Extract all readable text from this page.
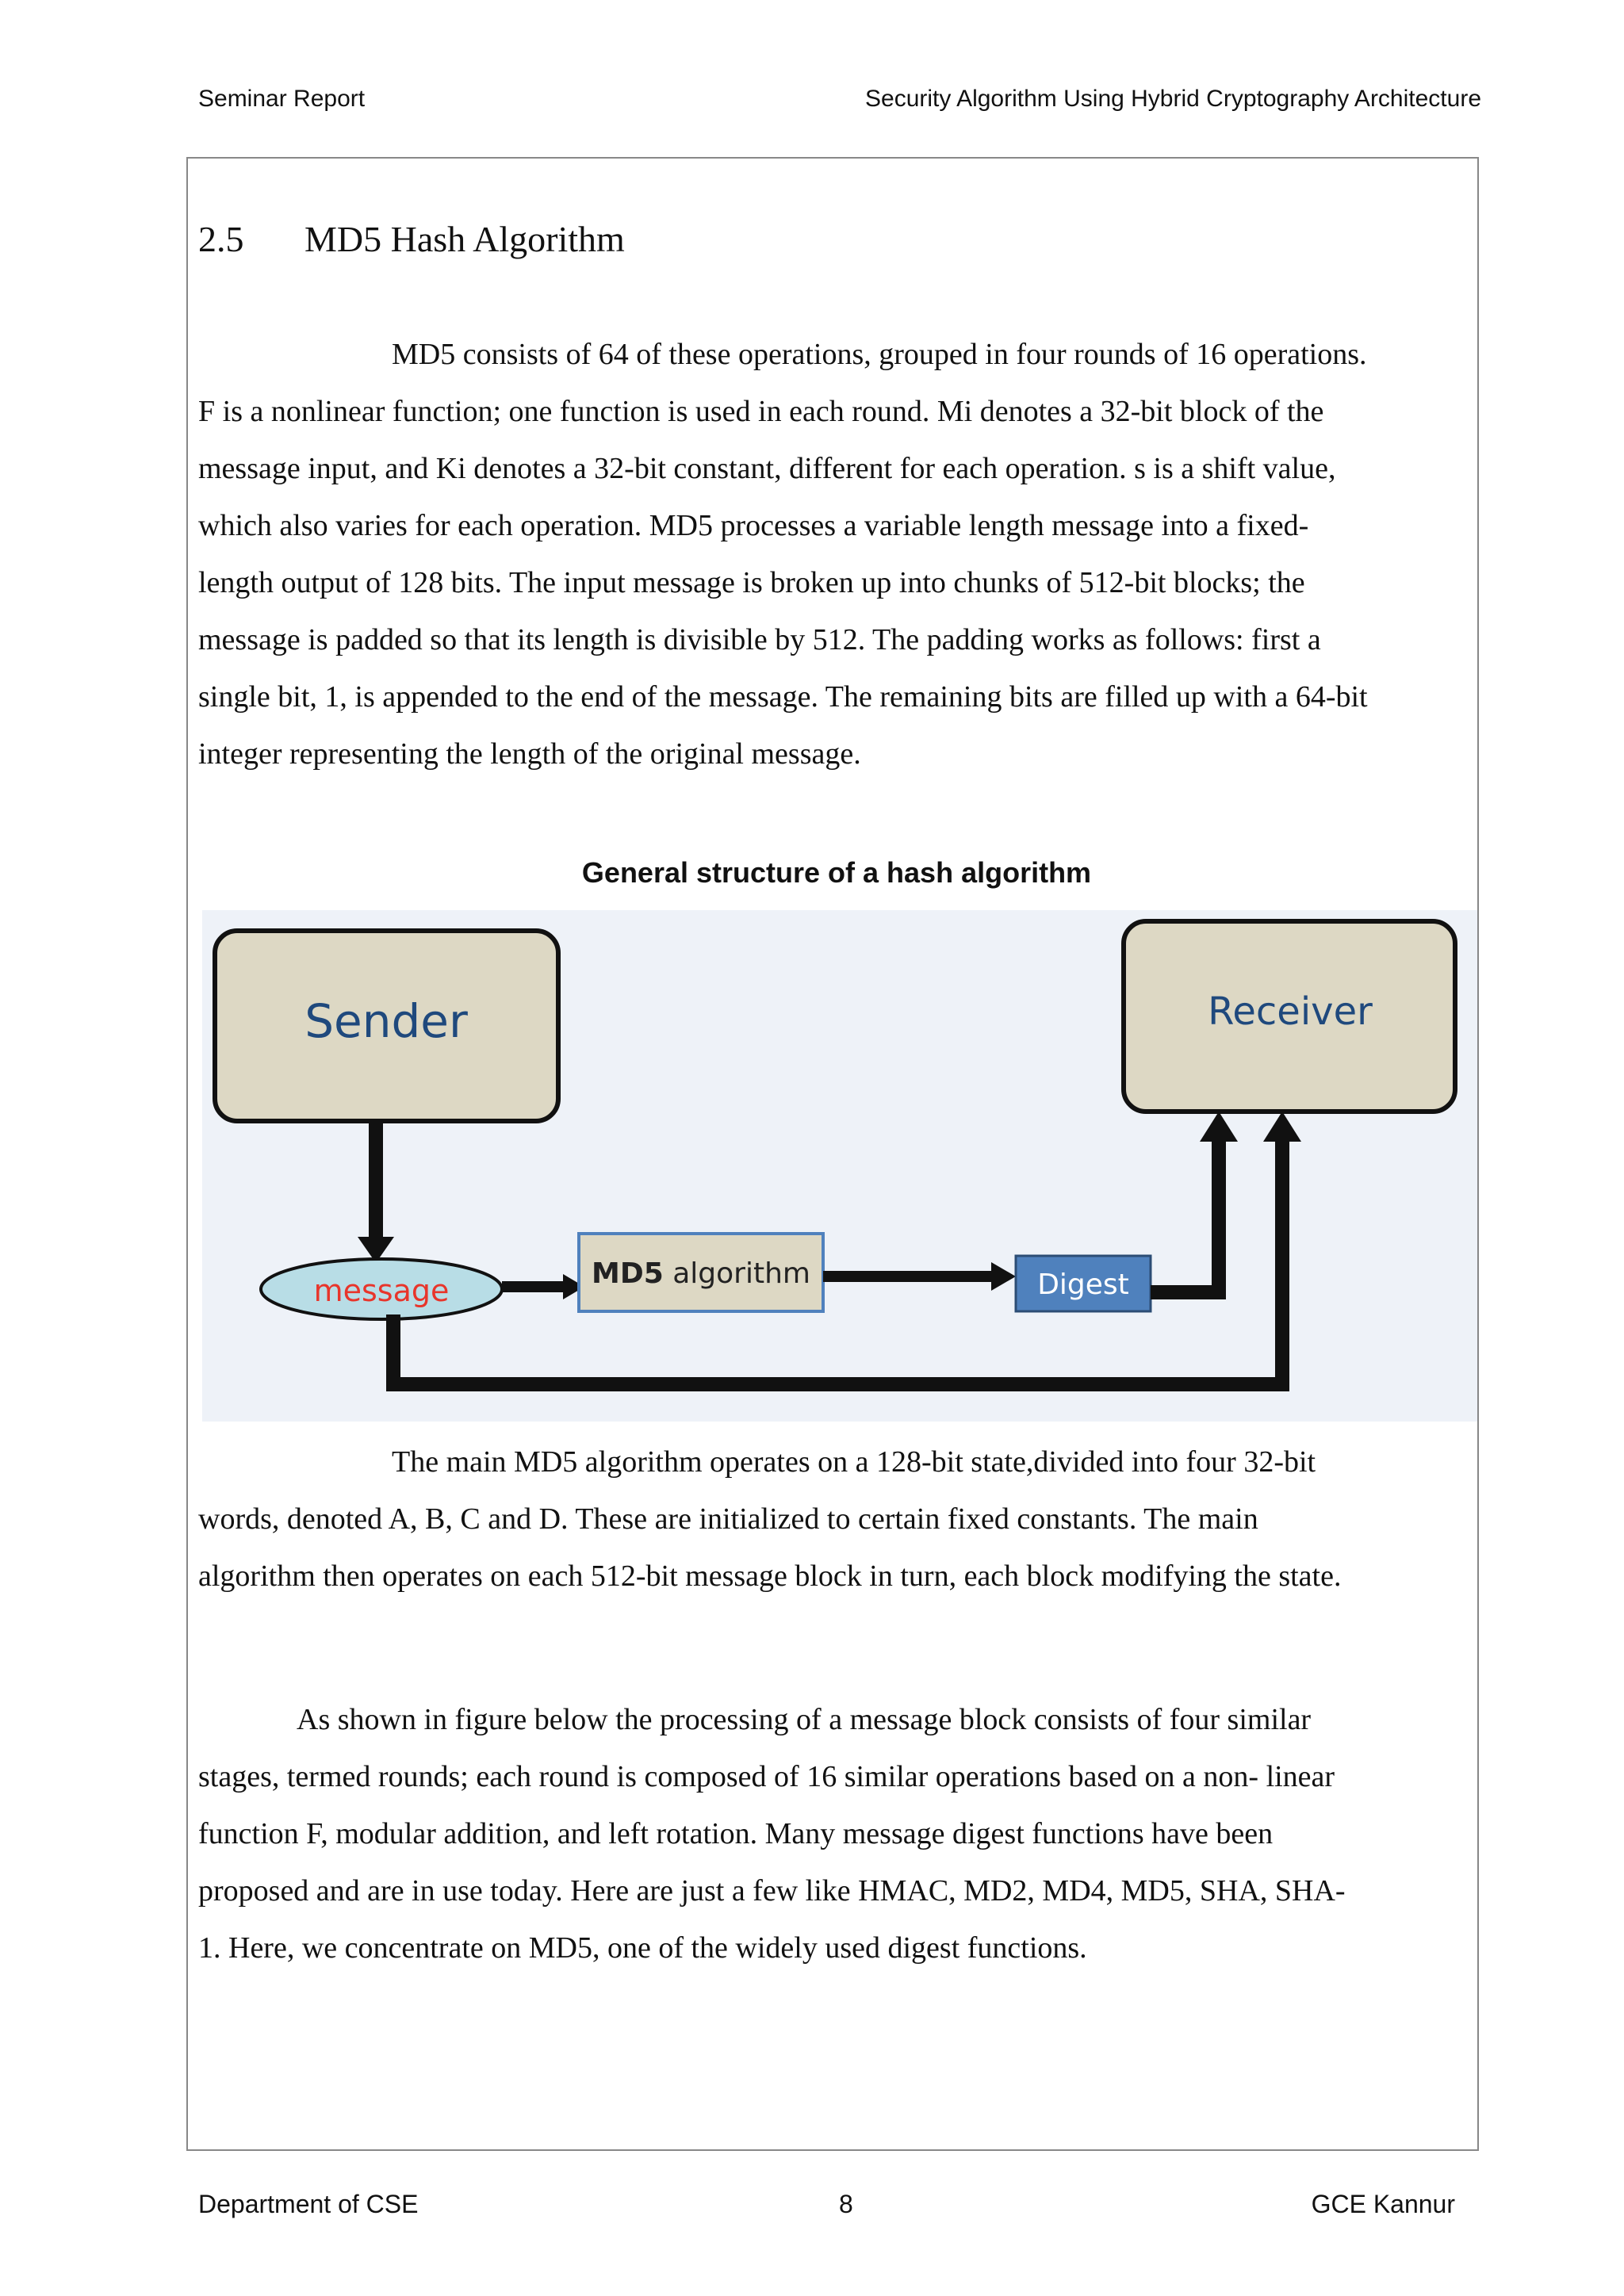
Seminar Report	Security Algorithm Using Hybrid Cryptography Architecture
2.5 MD5 Hash Algorithm

MD5 consists of 64 of these operations, grouped in four rounds of 16 operations.
F is a nonlinear function; one function is used in each round. Mi denotes a 32-bit block of the
message input, and Ki denotes a 32-bit constant, different for each operation. s is a shift value,
which also varies for each operation. MD5 processes a variable length message into a fixed-
length output of 128 bits. The input message is broken up into chunks of 512-bit blocks; the
message is padded so that its length is divisible by 512. The padding works as follows: first a
single bit, 1, is appended to the end of the message. The remaining bits are filled up with a 64-bit
integer representing the length of the original message.

General structure of a hash algorithm
Sender	Receiver
message	MD5 algorithm	Digest

The main MD5 algorithm operates on a 128-bit state,divided into four 32-bit
words, denoted A, B, C and D. These are initialized to certain fixed constants. The main
algorithm then operates on each 512-bit message block in turn, each block modifying the state.

As shown in figure below the processing of a message block consists of four similar
stages, termed rounds; each round is composed of 16 similar operations based on a non- linear
function F, modular addition, and left rotation. Many message digest functions have been
proposed and are in use today. Here are just a few like HMAC, MD2, MD4, MD5, SHA, SHA-
1. Here, we concentrate on MD5, one of the widely used digest functions.

Department of CSE	8	GCE Kannur
